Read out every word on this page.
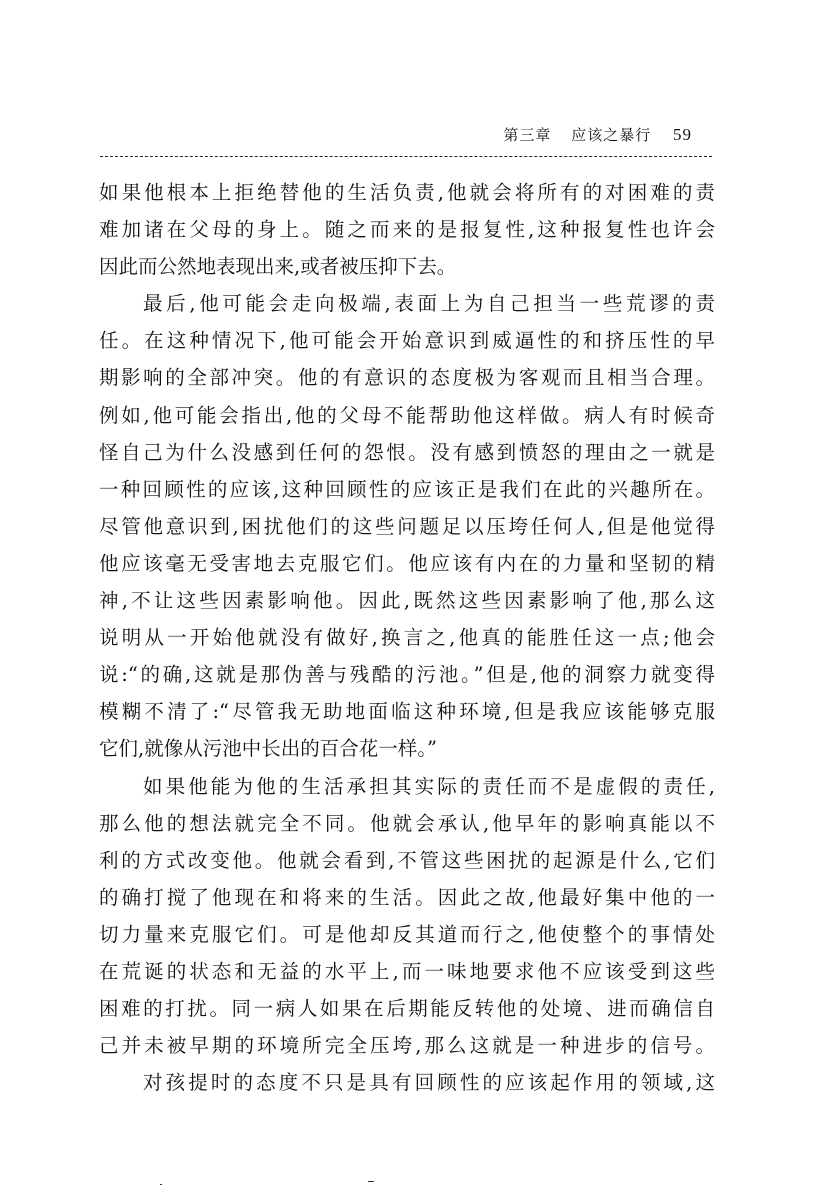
第三章 应该之暴行 59
如果他根本上拒绝替他的生活负责,他就会将所有的对困难的责
难加诸在父母的身上。随之而来的是报复性,这种报复性也许会
因此而公然地表现出来,或者被压抑下去。
最后,他可能会走向极端,表面上为自己担当一些荒谬的责
任。在这种情况下,他可能会开始意识到威逼性的和挤压性的早
期影响的全部冲突。他的有意识的态度极为客观而且相当合理。
例如,他可能会指出,他的父母不能帮助他这样做。病人有时候奇
怪自己为什么没感到任何的怨恨。没有感到愤怒的理由之一就是
一种回顾性的应该,这种回顾性的应该正是我们在此的兴趣所在。
尽管他意识到,困扰他们的这些问题足以压垮任何人,但是他觉得
他应该毫无受害地去克服它们。他应该有内在的力量和坚韧的精
神,不让这些因素影响他。因此,既然这些因素影响了他,那么这
说明从一开始他就没有做好,换言之,他真的能胜任这一点;他会
说:“的确,这就是那伪善与残酷的污池。”但是,他的洞察力就变得
模糊不清了:“尽管我无助地面临这种环境,但是我应该能够克服
它们,就像从污池中长出的百合花一样。”
如果他能为他的生活承担其实际的责任而不是虚假的责任,
那么他的想法就完全不同。他就会承认,他早年的影响真能以不
利的方式改变他。他就会看到,不管这些困扰的起源是什么,它们
的确打搅了他现在和将来的生活。因此之故,他最好集中他的一
切力量来克服它们。可是他却反其道而行之,他使整个的事情处
在荒诞的状态和无益的水平上,而一味地要求他不应该受到这些
困难的打扰。同一病人如果在后期能反转他的处境、进而确信自
己并未被早期的环境所完全压垮,那么这就是一种进步的信号。
对孩提时的态度不只是具有回顾性的应该起作用的领域,这
